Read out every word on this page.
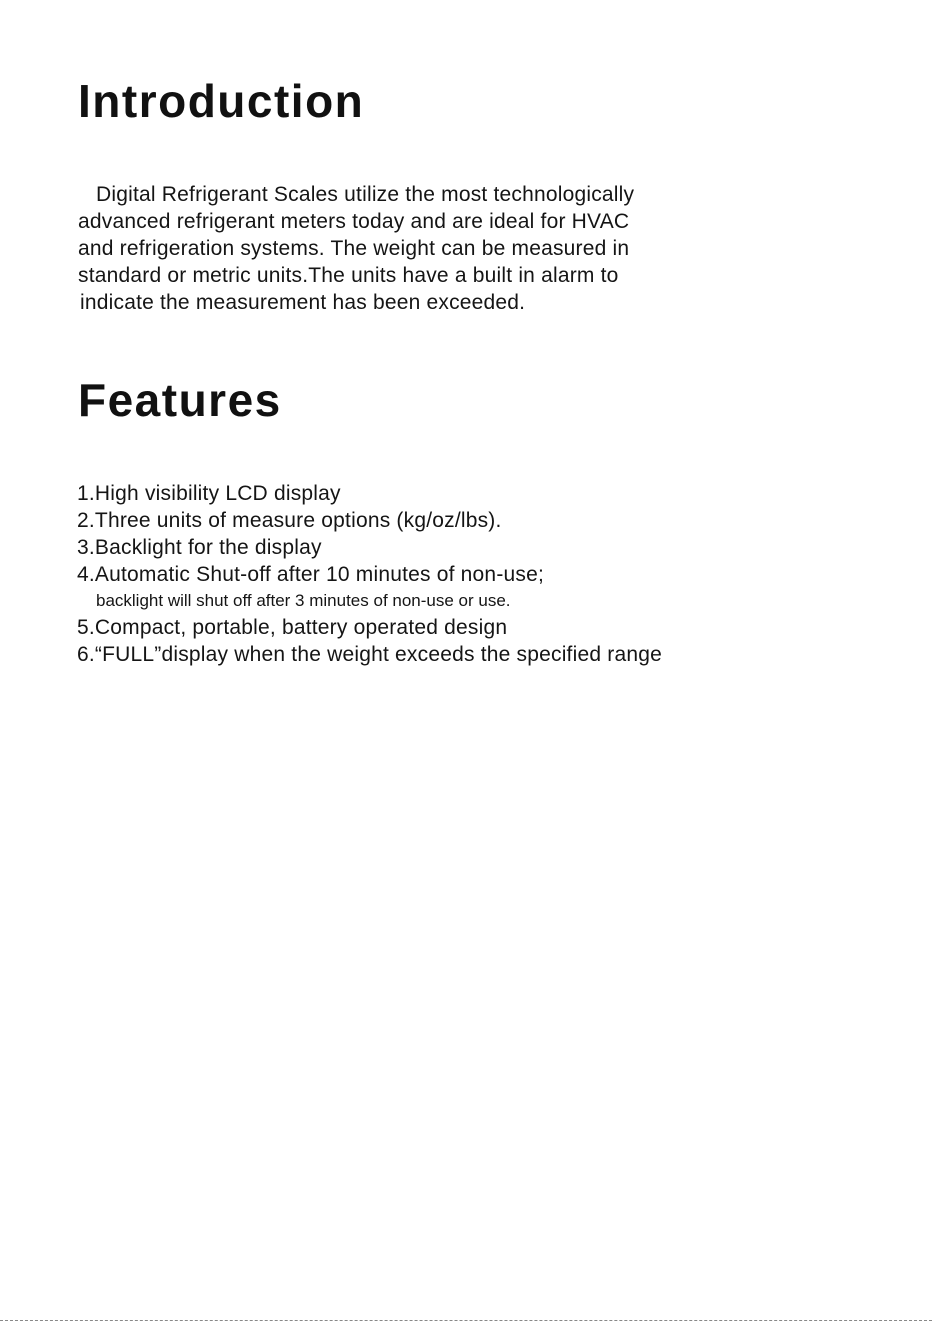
Introduction

Digital Refrigerant Scales utilize the most technologically

advanced refrigerant meters today and are ideal for HVAC

and refrigeration systems. The weight can be measured in

standard or metric units.The units have a built in alarm to

indicate the measurement has been exceeded.

Features

1.High visibility LCD display

2.Three units of measure options (kg/oz/lbs).

3.Backlight for the display

4.Automatic Shut-off after 10 minutes of non-use;

backlight will shut off after 3 minutes of non-use or use.

5.Compact, portable, battery operated design

6.“FULL”display when the weight exceeds the specified range
